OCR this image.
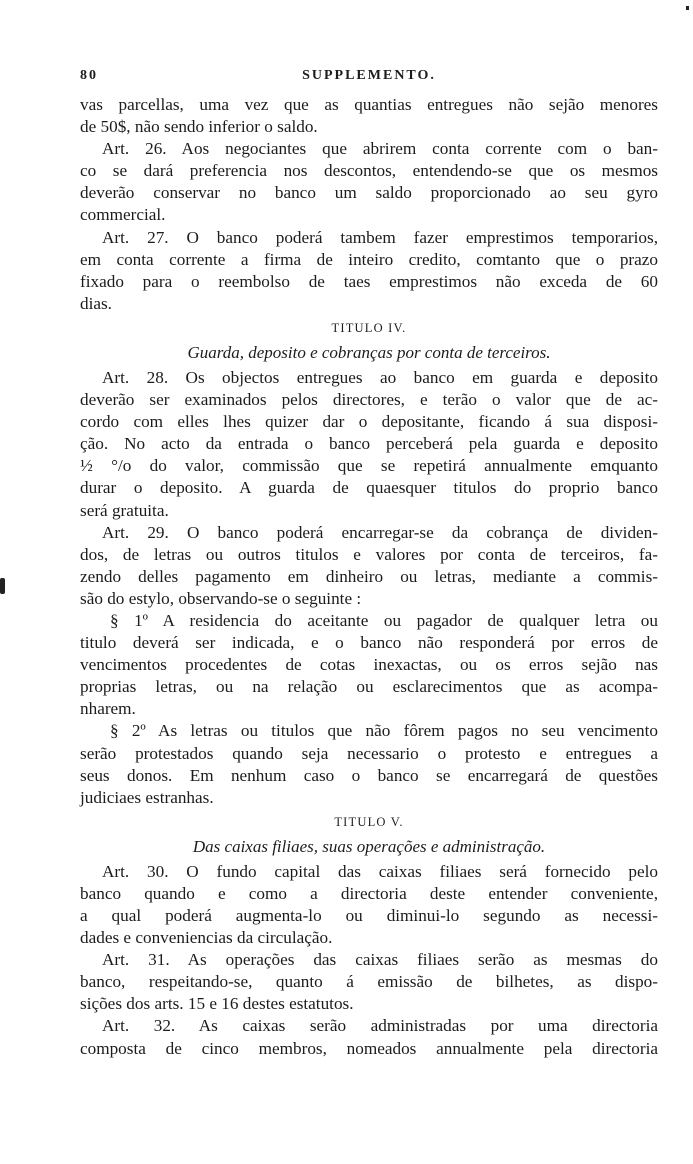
80	SUPPLEMENTO.
vas parcellas, uma vez que as quantias entregues não sejão menores
de 50$, não sendo inferior o saldo.
Art. 26. Aos negociantes que abrirem conta corrente com o ban-
co se dará preferencia nos descontos, entendendo-se que os mesmos
deverão conservar no banco um saldo proporcionado ao seu gyro
commercial.
Art. 27. O banco poderá tambem fazer emprestimos temporarios,
em conta corrente a firma de inteiro credito, comtanto que o prazo
fixado para o reembolso de taes emprestimos não exceda de 60
dias.
TITULO IV.
Guarda, deposito e cobranças por conta de terceiros.
Art. 28. Os objectos entregues ao banco em guarda e deposito
deverão ser examinados pelos directores, e terão o valor que de ac-
cordo com elles lhes quizer dar o depositante, ficando á sua disposi-
ção. No acto da entrada o banco perceberá pela guarda e deposito
½ °/o do valor, commissão que se repetirá annualmente emquanto
durar o deposito. A guarda de quaesquer titulos do proprio banco
será gratuita.
Art. 29. O banco poderá encarregar-se da cobrança de dividen-
dos, de letras ou outros titulos e valores por conta de terceiros, fa-
zendo delles pagamento em dinheiro ou letras, mediante a commis-
são do estylo, observando-se o seguinte :
§ 1º A residencia do aceitante ou pagador de qualquer letra ou
titulo deverá ser indicada, e o banco não responderá por erros de
vencimentos procedentes de cotas inexactas, ou os erros sejão nas
proprias letras, ou na relação ou esclarecimentos que as acompa-
nharem.
§ 2º As letras ou titulos que não fôrem pagos no seu vencimento
serão protestados quando seja necessario o protesto e entregues a
seus donos. Em nenhum caso o banco se encarregará de questões
judiciaes estranhas.
TITULO V.
Das caixas filiaes, suas operações e administração.
Art. 30. O fundo capital das caixas filiaes será fornecido pelo
banco quando e como a directoria deste entender conveniente,
a qual poderá augmenta-lo ou diminui-lo segundo as necessi-
dades e conveniencias da circulação.
Art. 31. As operações das caixas filiaes serão as mesmas do
banco, respeitando-se, quanto á emissão de bilhetes, as dispo-
sições dos arts. 15 e 16 destes estatutos.
Art. 32. As caixas serão administradas por uma directoria
composta de cinco membros, nomeados annualmente pela directoria
